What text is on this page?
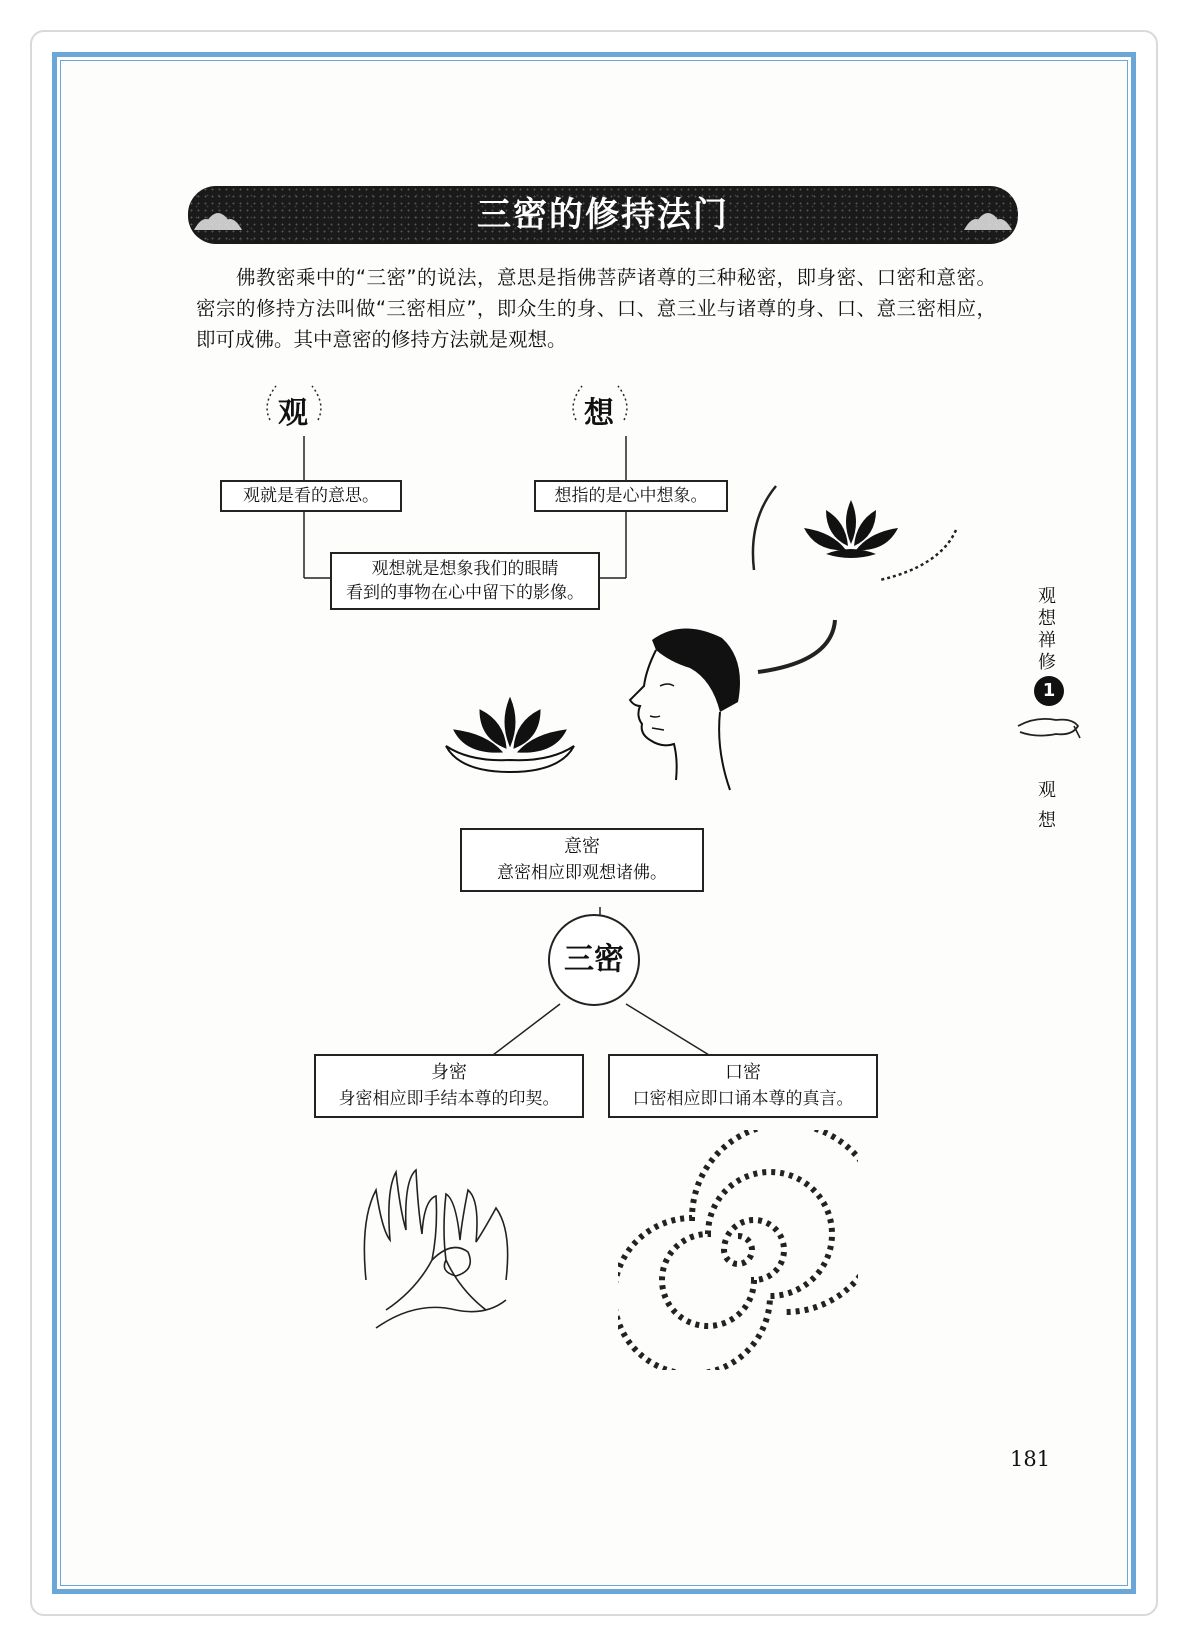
三密的修持法门
佛教密乘中的“三密”的说法，意思是指佛菩萨诸尊的三种秘密，即身密、口密和意密。密宗的修持方法叫做“三密相应”，即众生的身、口、意三业与诸尊的身、口、意三密相应，即可成佛。其中意密的修持方法就是观想。
观	想
观就是看的意思。	想指的是心中想象。
观想就是想象我们的眼睛
看到的事物在心中留下的影像。
意密
意密相应即观想诸佛。
三密
身密
身密相应即手结本尊的印契。
口密
口密相应即口诵本尊的真言。
观想禅修
1
观想
181
